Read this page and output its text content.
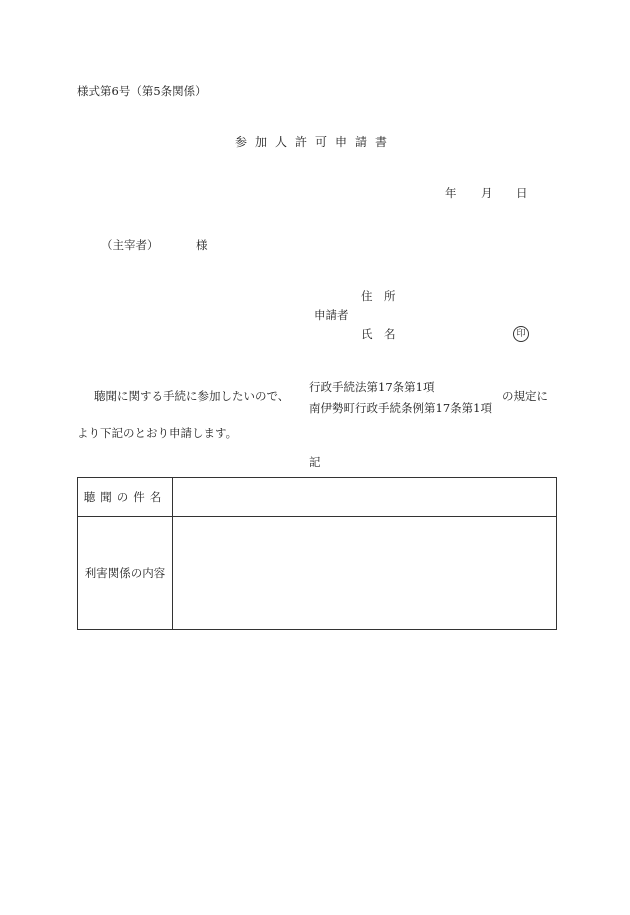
様式第6号（第5条関係）
参加人許可申請書
年 月 日
（主宰者）	様
住　所
申請者
氏　名	印
聴聞に関する手続に参加したいので、
行政手続法第17条第1項
南伊勢町行政手続条例第17条第1項
の規定に
より下記のとおり申請します。
記
聴聞の件名	
利害関係の内容	
